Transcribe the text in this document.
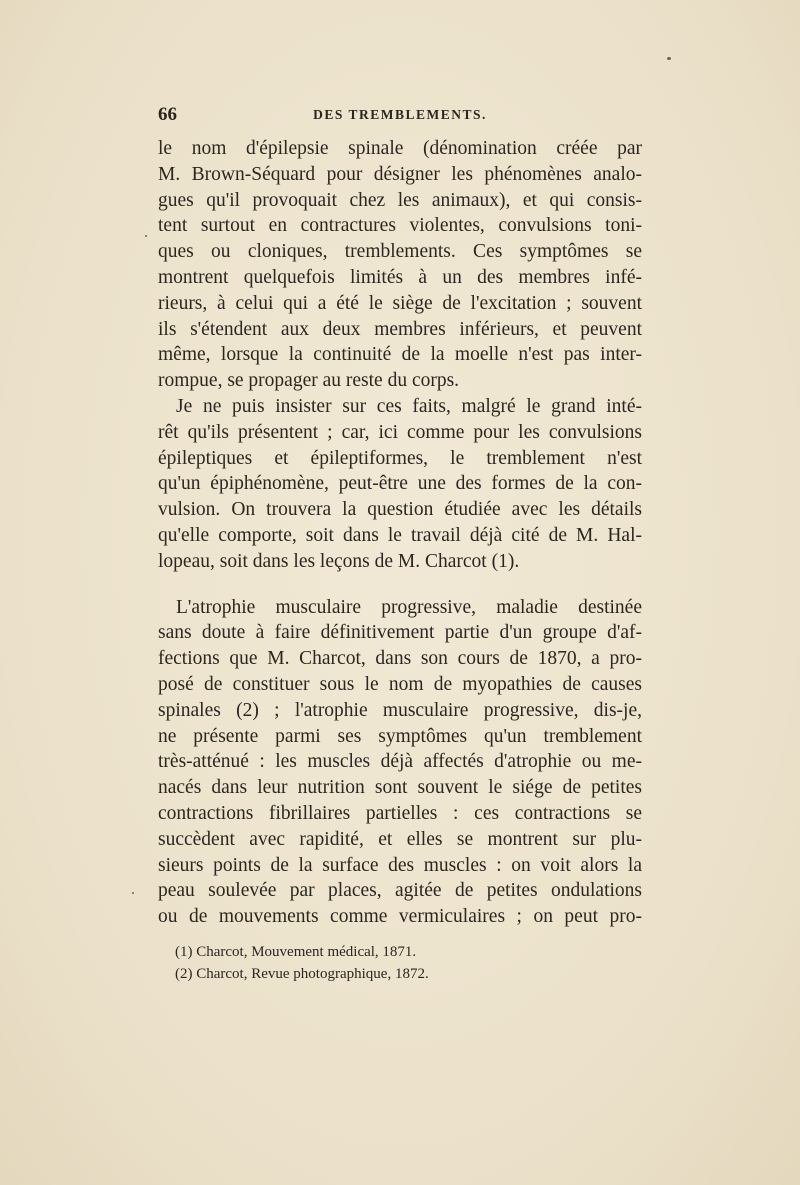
66	DES TREMBLEMENTS.
le nom d'épilepsie spinale (dénomination créée par
M. Brown-Séquard pour désigner les phénomènes analo-
gues qu'il provoquait chez les animaux), et qui consis-
tent surtout en contractures violentes, convulsions toni-
ques ou cloniques, tremblements. Ces symptômes se
montrent quelquefois limités à un des membres infé-
rieurs, à celui qui a été le siège de l'excitation ; souvent
ils s'étendent aux deux membres inférieurs, et peuvent
même, lorsque la continuité de la moelle n'est pas inter-
rompue, se propager au reste du corps.
Je ne puis insister sur ces faits, malgré le grand inté-
rêt qu'ils présentent ; car, ici comme pour les convulsions
épileptiques et épileptiformes, le tremblement n'est
qu'un épiphénomène, peut-être une des formes de la con-
vulsion. On trouvera la question étudiée avec les détails
qu'elle comporte, soit dans le travail déjà cité de M. Hal-
lopeau, soit dans les leçons de M. Charcot (1).
L'atrophie musculaire progressive, maladie destinée
sans doute à faire définitivement partie d'un groupe d'af-
fections que M. Charcot, dans son cours de 1870, a pro-
posé de constituer sous le nom de myopathies de causes
spinales (2) ; l'atrophie musculaire progressive, dis-je,
ne présente parmi ses symptômes qu'un tremblement
très-atténué : les muscles déjà affectés d'atrophie ou me-
nacés dans leur nutrition sont souvent le siége de petites
contractions fibrillaires partielles : ces contractions se
succèdent avec rapidité, et elles se montrent sur plu-
sieurs points de la surface des muscles : on voit alors la
peau soulevée par places, agitée de petites ondulations
ou de mouvements comme vermiculaires ; on peut pro-
(1) Charcot, Mouvement médical, 1871.
(2) Charcot, Revue photographique, 1872.
